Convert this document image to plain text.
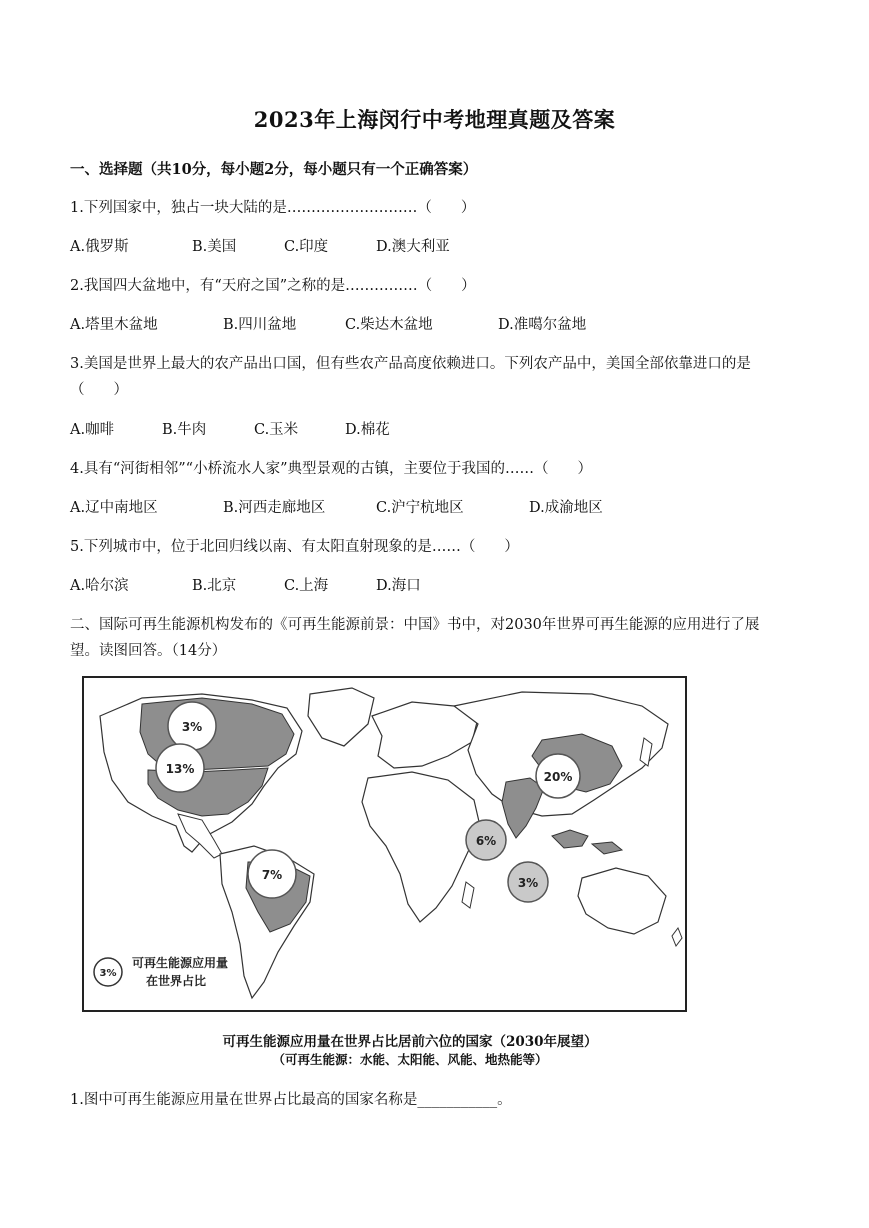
2023年上海闵行中考地理真题及答案
一、选择题（共10分，每小题2分，每小题只有一个正确答案）
1.下列国家中，独占一块大陆的是………………………（　　）
A.俄罗斯	B.美国	C.印度	D.澳大利亚
2.我国四大盆地中，有“天府之国”之称的是……………（　　）
A.塔里木盆地	B.四川盆地	C.柴达木盆地	D.准噶尔盆地
3.美国是世界上最大的农产品出口国，但有些农产品高度依赖进口。下列农产品中，美国全部依靠进口的是
（　　）
A.咖啡	B.牛肉	C.玉米	D.棉花
4.具有“河街相邻”“小桥流水人家”典型景观的古镇，主要位于我国的……（　　）
A.辽中南地区	B.河西走廊地区	C.沪宁杭地区	D.成渝地区
5.下列城市中，位于北回归线以南、有太阳直射现象的是……（　　）
A.哈尔滨	B.北京	C.上海	D.海口
二、国际可再生能源机构发布的《可再生能源前景：中国》书中，对2030年世界可再生能源的应用进行了展
望。读图回答。（14分）
3%
13%
7%
20%
6%
3%
3%
可再生能源应用量
在世界占比
可再生能源应用量在世界占比居前六位的国家（2030年展望）
（可再生能源：水能、太阳能、风能、地热能等）
1.图中可再生能源应用量在世界占比最高的国家名称是___________。
